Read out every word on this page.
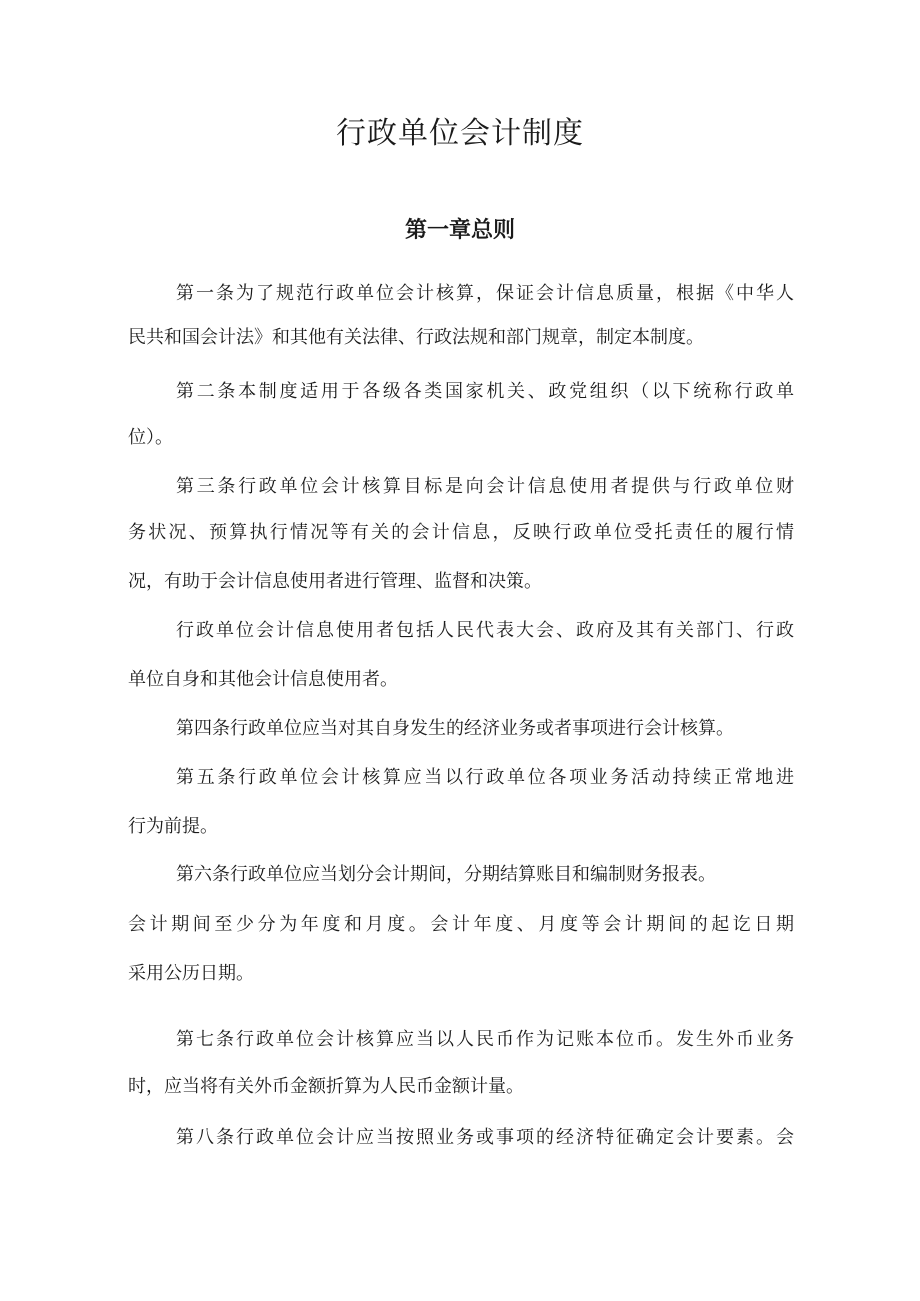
行政单位会计制度
第一章总则

第一条为了规范行政单位会计核算，保证会计信息质量，根据《中华人

民共和国会计法》和其他有关法律、行政法规和部门规章，制定本制度。

第二条本制度适用于各级各类国家机关、政党组织（以下统称行政单

位）。

第三条行政单位会计核算目标是向会计信息使用者提供与行政单位财

务状况、预算执行情况等有关的会计信息，反映行政单位受托责任的履行情

况，有助于会计信息使用者进行管理、监督和决策。

行政单位会计信息使用者包括人民代表大会、政府及其有关部门、行政

单位自身和其他会计信息使用者。

第四条行政单位应当对其自身发生的经济业务或者事项进行会计核算。

第五条行政单位会计核算应当以行政单位各项业务活动持续正常地进

行为前提。

第六条行政单位应当划分会计期间，分期结算账目和编制财务报表。

会计期间至少分为年度和月度。会计年度、月度等会计期间的起讫日期

采用公历日期。

第七条行政单位会计核算应当以人民币作为记账本位币。发生外币业务

时，应当将有关外币金额折算为人民币金额计量。

第八条行政单位会计应当按照业务或事项的经济特征确定会计要素。会
